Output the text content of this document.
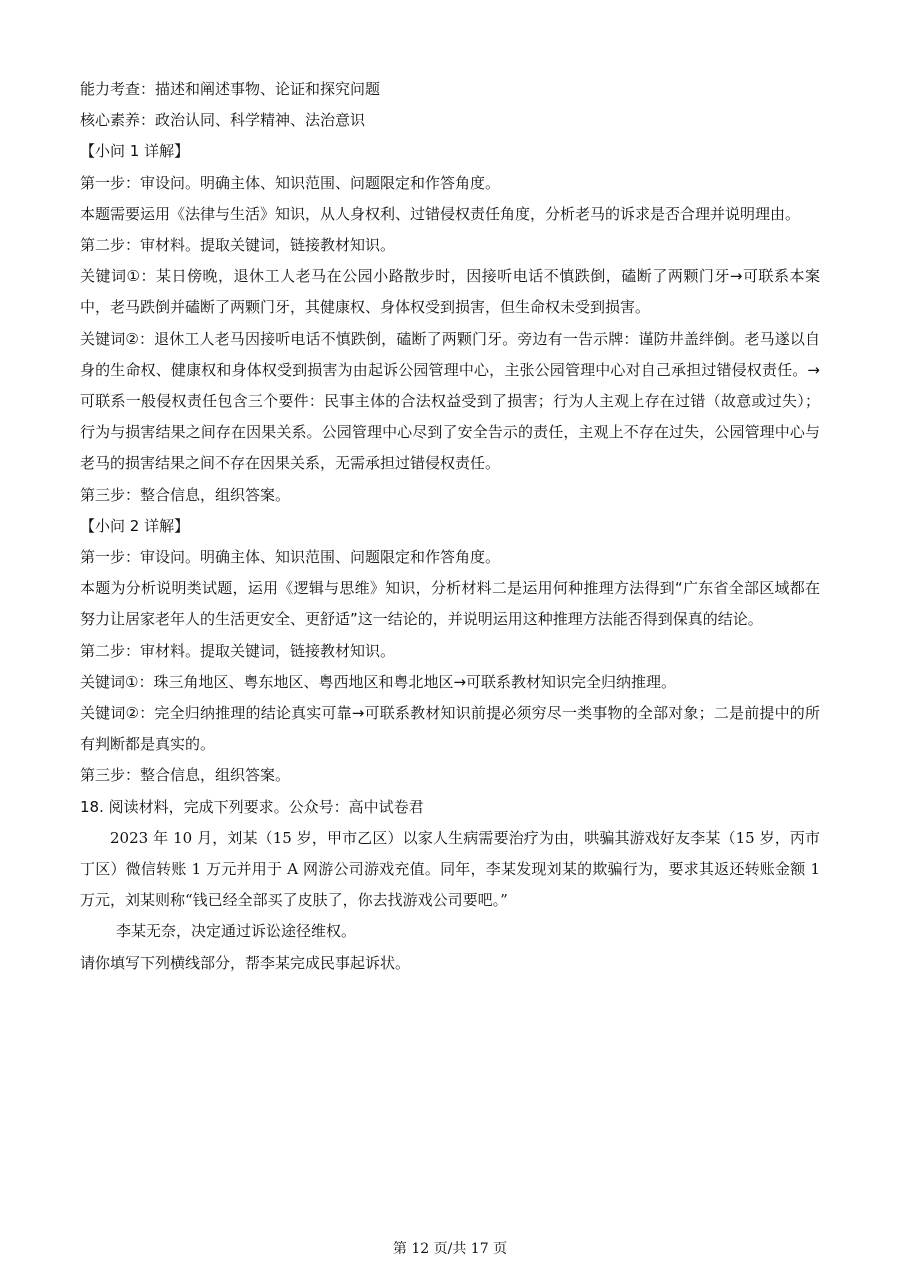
能力考查：描述和阐述事物、论证和探究问题

核心素养：政治认同、科学精神、法治意识

【小问 1 详解】

第一步：审设问。明确主体、知识范围、问题限定和作答角度。

本题需要运用《法律与生活》知识，从人身权利、过错侵权责任角度，分析老马的诉求是否合理并说明理由。

第二步：审材料。提取关键词，链接教材知识。

关键词①：某日傍晚，退休工人老马在公园小路散步时，因接听电话不慎跌倒，磕断了两颗门牙→可联系本案中，老马跌倒并磕断了两颗门牙，其健康权、身体权受到损害，但生命权未受到损害。

关键词②：退休工人老马因接听电话不慎跌倒，磕断了两颗门牙。旁边有一告示牌：谨防井盖绊倒。老马遂以自身的生命权、健康权和身体权受到损害为由起诉公园管理中心，主张公园管理中心对自己承担过错侵权责任。→可联系一般侵权责任包含三个要件：民事主体的合法权益受到了损害；行为人主观上存在过错（故意或过失）；行为与损害结果之间存在因果关系。公园管理中心尽到了安全告示的责任，主观上不存在过失，公园管理中心与老马的损害结果之间不存在因果关系，无需承担过错侵权责任。

第三步：整合信息，组织答案。

【小问 2 详解】

第一步：审设问。明确主体、知识范围、问题限定和作答角度。

本题为分析说明类试题，运用《逻辑与思维》知识，分析材料二是运用何种推理方法得到“广东省全部区域都在努力让居家老年人的生活更安全、更舒适”这一结论的，并说明运用这种推理方法能否得到保真的结论。

第二步：审材料。提取关键词，链接教材知识。

关键词①：珠三角地区、粤东地区、粤西地区和粤北地区→可联系教材知识完全归纳推理。

关键词②：完全归纳推理的结论真实可靠→可联系教材知识前提必须穷尽一类事物的全部对象；二是前提中的所有判断都是真实的。

第三步：整合信息，组织答案。

18. 阅读材料，完成下列要求。公众号：高中试卷君

2023 年 10 月，刘某（15 岁，甲市乙区）以家人生病需要治疗为由，哄骗其游戏好友李某（15 岁，丙市丁区）微信转账 1 万元并用于 A 网游公司游戏充值。同年，李某发现刘某的欺骗行为，要求其返还转账金额 1 万元，刘某则称“钱已经全部买了皮肤了，你去找游戏公司要吧。”

李某无奈，决定通过诉讼途径维权。

请你填写下列横线部分，帮李某完成民事起诉状。

第 12 页/共 17 页
